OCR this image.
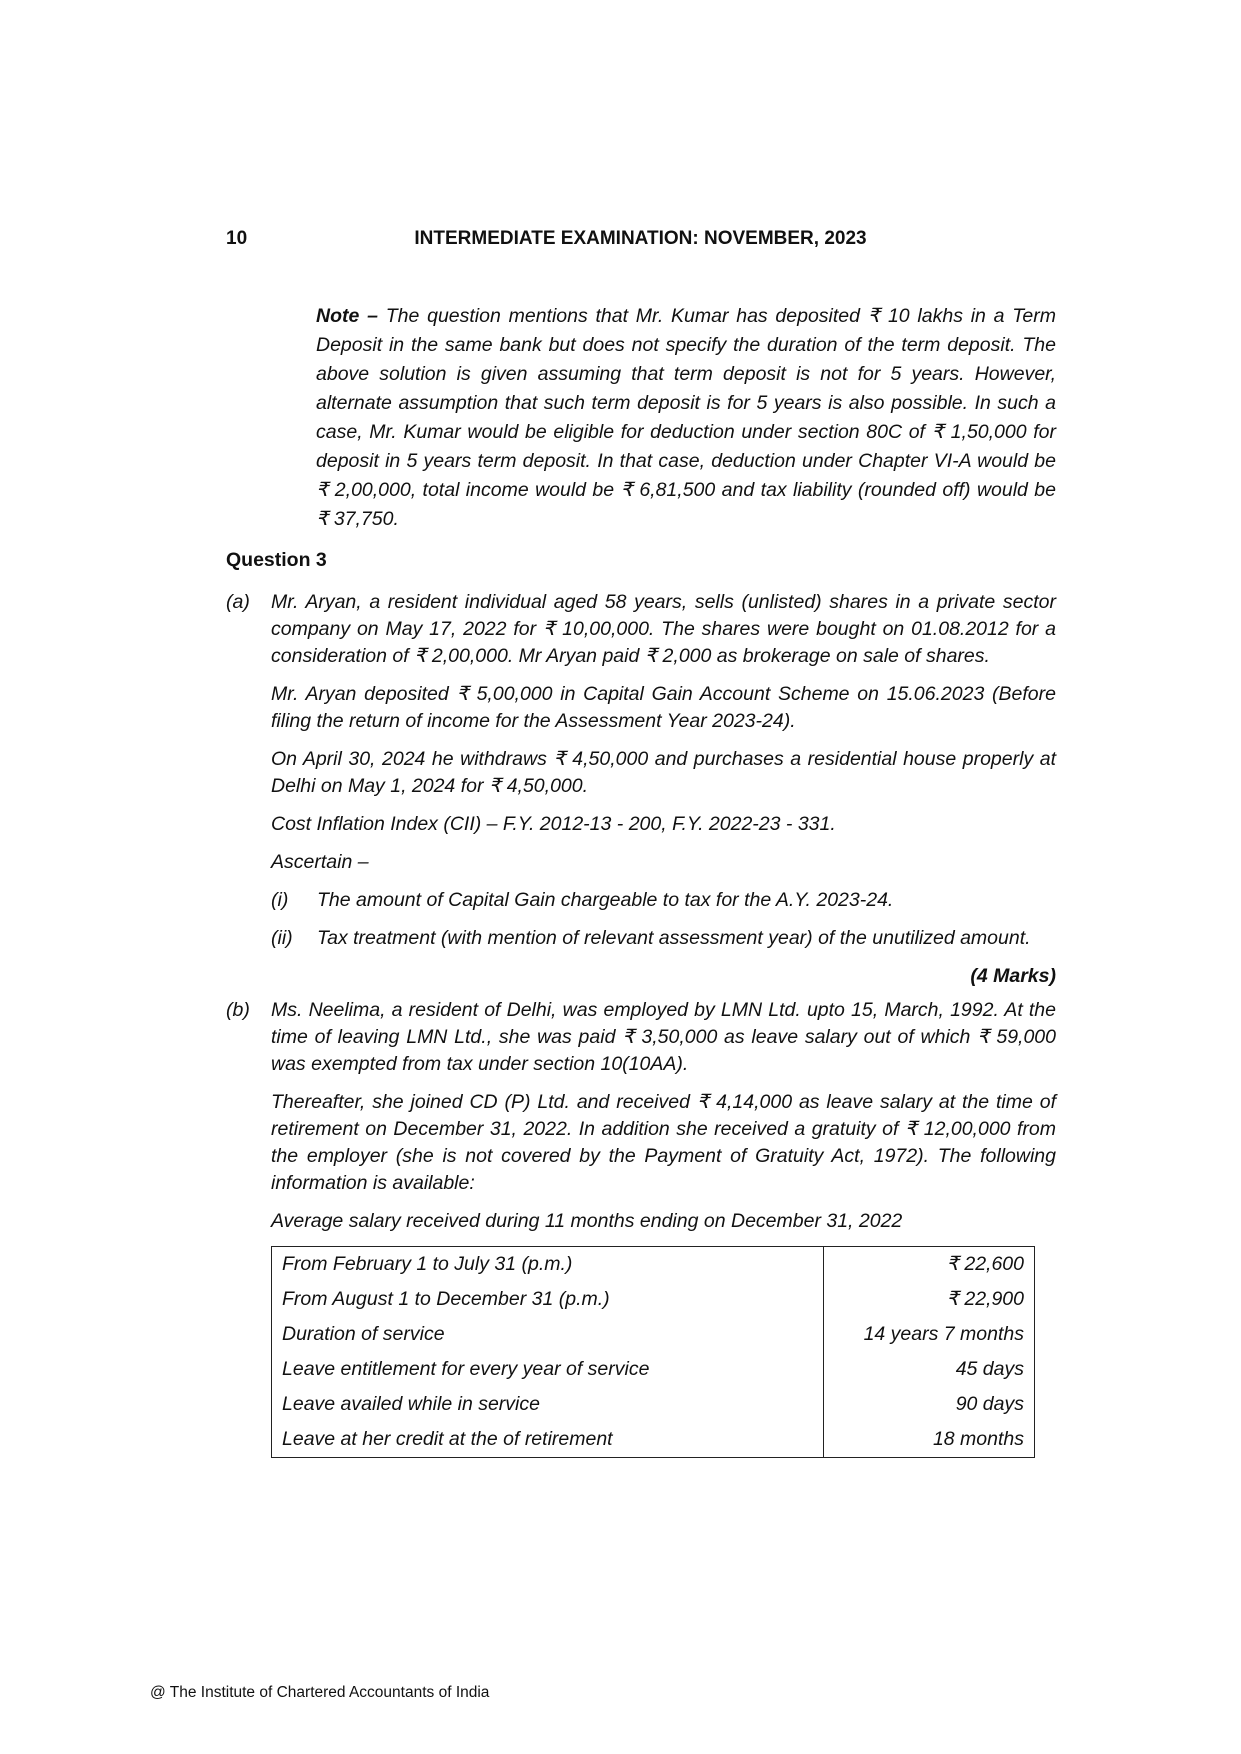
10	INTERMEDIATE EXAMINATION: NOVEMBER, 2023
Note – The question mentions that Mr. Kumar has deposited ₹ 10 lakhs in a Term Deposit in the same bank but does not specify the duration of the term deposit. The above solution is given assuming that term deposit is not for 5 years. However, alternate assumption that such term deposit is for 5 years is also possible. In such a case, Mr. Kumar would be eligible for deduction under section 80C of ₹ 1,50,000 for deposit in 5 years term deposit. In that case, deduction under Chapter VI-A would be ₹ 2,00,000, total income would be ₹ 6,81,500 and tax liability (rounded off) would be ₹ 37,750.
Question 3
(a)	Mr. Aryan, a resident individual aged 58 years, sells (unlisted) shares in a private sector company on May 17, 2022 for ₹ 10,00,000. The shares were bought on 01.08.2012 for a consideration of ₹ 2,00,000. Mr Aryan paid ₹ 2,000 as brokerage on sale of shares.

Mr. Aryan deposited ₹ 5,00,000 in Capital Gain Account Scheme on 15.06.2023 (Before filing the return of income for the Assessment Year 2023-24).

On April 30, 2024 he withdraws ₹ 4,50,000 and purchases a residential house properly at Delhi on May 1, 2024 for ₹ 4,50,000.

Cost Inflation Index (CII) – F.Y. 2012-13 - 200, F.Y. 2022-23 - 331.

Ascertain –

(i)	The amount of Capital Gain chargeable to tax for the A.Y. 2023-24.
(ii)	Tax treatment (with mention of relevant assessment year) of the unutilized amount.
(4 Marks)
(b)	Ms. Neelima, a resident of Delhi, was employed by LMN Ltd. upto 15, March, 1992. At the time of leaving LMN Ltd., she was paid ₹ 3,50,000 as leave salary out of which ₹ 59,000 was exempted from tax under section 10(10AA).

Thereafter, she joined CD (P) Ltd. and received ₹ 4,14,000 as leave salary at the time of retirement on December 31, 2022. In addition she received a gratuity of ₹ 12,00,000 from the employer (she is not covered by the Payment of Gratuity Act, 1972). The following information is available:

Average salary received during 11 months ending on December 31, 2022

From February 1 to July 31 (p.m.)	₹ 22,600
From August 1 to December 31 (p.m.)	₹ 22,900
Duration of service	14 years 7 months
Leave entitlement for every year of service	45 days
Leave availed while in service	90 days
Leave at her credit at the of retirement	18 months
@ The Institute of Chartered Accountants of India
